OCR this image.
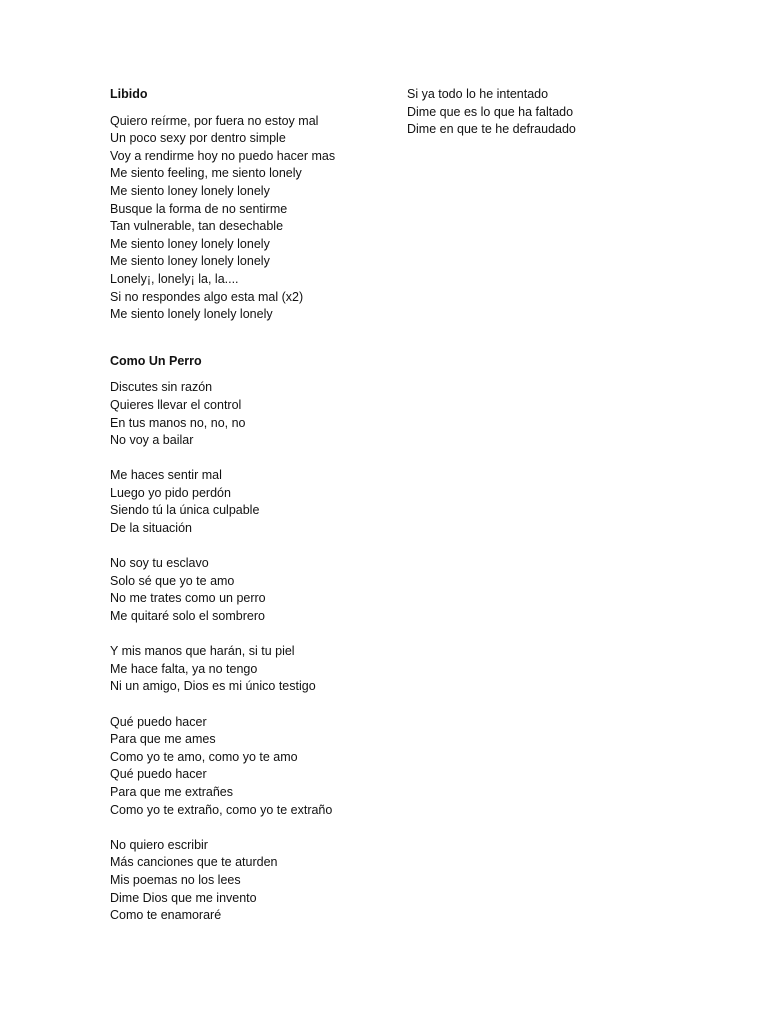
Libido
Quiero reírme, por fuera no estoy mal
Un poco sexy por dentro simple
Voy a rendirme hoy no puedo hacer mas
Me siento feeling, me siento lonely
Me siento loney lonely lonely
Busque la forma de no sentirme
Tan vulnerable, tan desechable
Me siento loney lonely lonely
Me siento loney lonely lonely
Lonely¡, lonely¡ la, la....
Si no respondes algo esta mal (x2)
Me siento lonely lonely lonely
Como Un Perro
Discutes sin razón
Quieres llevar el control
En tus manos no, no, no
No voy a bailar
Me haces sentir mal
Luego yo pido perdón
Siendo tú la única culpable
De la situación
No soy tu esclavo
Solo sé que yo te amo
No me trates como un perro
Me quitaré solo el sombrero
Y mis manos que harán, si tu piel
Me hace falta, ya no tengo
Ni un amigo, Dios es mi único testigo
Qué puedo hacer
Para que me ames
Como yo te amo, como yo te amo
Qué puedo hacer
Para que me extrañes
Como yo te extraño, como yo te extraño
No quiero escribir
Más canciones que te aturden
Mis poemas no los lees
Dime Dios que me invento
Como te enamoraré
Si ya todo lo he intentado
Dime que es lo que ha faltado
Dime en que te he defraudado
